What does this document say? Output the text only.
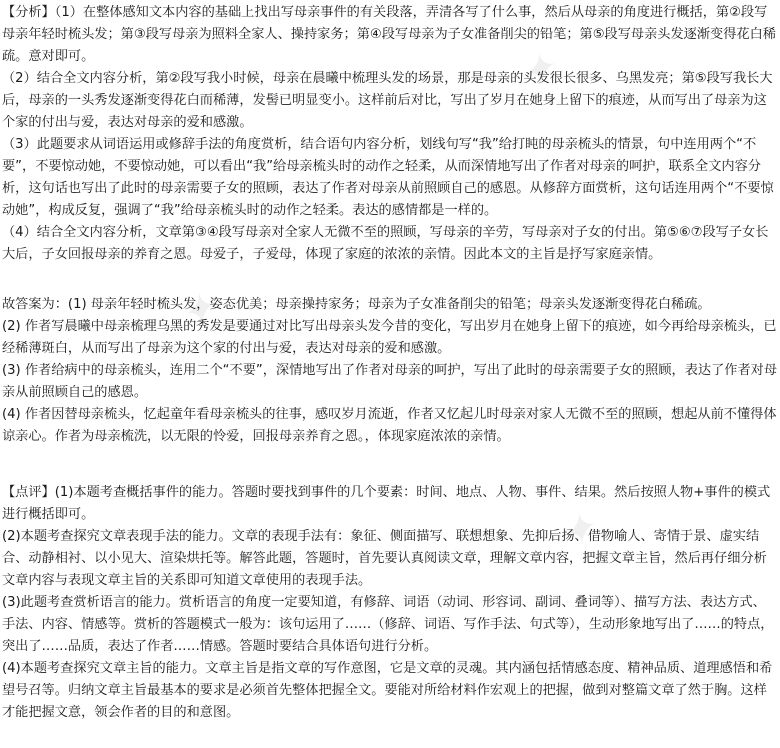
✦
✦
✦

【分析】（1）在整体感知文本内容的基础上找出写母亲事件的有关段落，弄清各写了什么事，然后从母亲的角度进行概括，第②段写母亲年轻时梳头发；第③段写母亲为照料全家人、操持家务；第④段写母亲为子女准备削尖的铅笔；第⑤段写母亲头发逐渐变得花白稀疏。意对即可。

（2）结合全文内容分析，第②段写我小时候，母亲在晨曦中梳理头发的场景，那是母亲的头发很长很多、乌黑发亮；第⑤段写我长大后，母亲的一头秀发逐渐变得花白而稀薄，发髻已明显变小。这样前后对比，写出了岁月在她身上留下的痕迹，从而写出了母亲为这个家的付出与爱，表达对母亲的爱和感激。

（3）此题要求从词语运用或修辞手法的角度赏析，结合语句内容分析，划线句写“我”给打盹的母亲梳头的情景，句中连用两个“不要”，不要惊动她，不要惊动她，可以看出“我”给母亲梳头时的动作之轻柔，从而深情地写出了作者对母亲的呵护，联系全文内容分析，这句话也写出了此时的母亲需要子女的照顾，表达了作者对母亲从前照顾自己的感恩。从修辞方面赏析，这句话连用两个“不要惊动她”，构成反复，强调了“我”给母亲梳头时的动作之轻柔。表达的感情都是一样的。

（4）结合全文内容分析，文章第③④段写母亲对全家人无微不至的照顾，写母亲的辛劳，写母亲对子女的付出。第⑤⑥⑦段写子女长大后，子女回报母亲的养育之恩。母爱子，子爱母，体现了家庭的浓浓的亲情。因此本文的主旨是抒写家庭亲情。

故答案为：(1) 母亲年轻时梳头发，姿态优美；母亲操持家务；母亲为子女准备削尖的铅笔；母亲头发逐渐变得花白稀疏。

(2) 作者写晨曦中母亲梳理乌黑的秀发是要通过对比写出母亲头发今昔的变化，写出岁月在她身上留下的痕迹，如今再给母亲梳头，已经稀薄斑白，从而写出了母亲为这个家的付出与爱，表达对母亲的爱和感激。

(3) 作者给病中的母亲梳头，连用二个“不要”，深情地写出了作者对母亲的呵护，写出了此时的母亲需要子女的照顾，表达了作者对母亲从前照顾自己的感恩。

(4) 作者因替母亲梳头，忆起童年看母亲梳头的往事，感叹岁月流逝，作者又忆起儿时母亲对家人无微不至的照顾，想起从前不懂得体谅亲心。作者为母亲梳洗，以无限的怜爱，回报母亲养育之恩。，体现家庭浓浓的亲情。

【点评】(1)本题考查概括事件的能力。答题时要找到事件的几个要素：时间、地点、人物、事件、结果。然后按照人物+事件的模式进行概括即可。

(2)本题考查探究文章表现手法的能力。文章的表现手法有：象征、侧面描写、联想想象、先抑后扬、借物喻人、寄情于景、虚实结合、动静相衬、以小见大、渲染烘托等。解答此题，答题时，首先要认真阅读文章，理解文章内容，把握文章主旨，然后再仔细分析文章内容与表现文章主旨的关系即可知道文章使用的表现手法。

(3)此题考查赏析语言的能力。赏析语言的角度一定要知道，有修辞、词语（动词、形容词、副词、叠词等）、描写方法、表达方式、手法、内容、情感等。赏析的答题模式一般为：该句运用了……（修辞、词语、写作手法、句式等），生动形象地写出了……的特点，突出了……品质，表达了作者……情感。答题时要结合具体语句进行分析。

(4)本题考查探究文章主旨的能力。文章主旨是指文章的写作意图，它是文章的灵魂。其内涵包括情感态度、精神品质、道理感悟和希望号召等。归纳文章主旨最基本的要求是必须首先整体把握全文。要能对所给材料作宏观上的把握，做到对整篇文章了然于胸。这样才能把握文意，领会作者的目的和意图。
